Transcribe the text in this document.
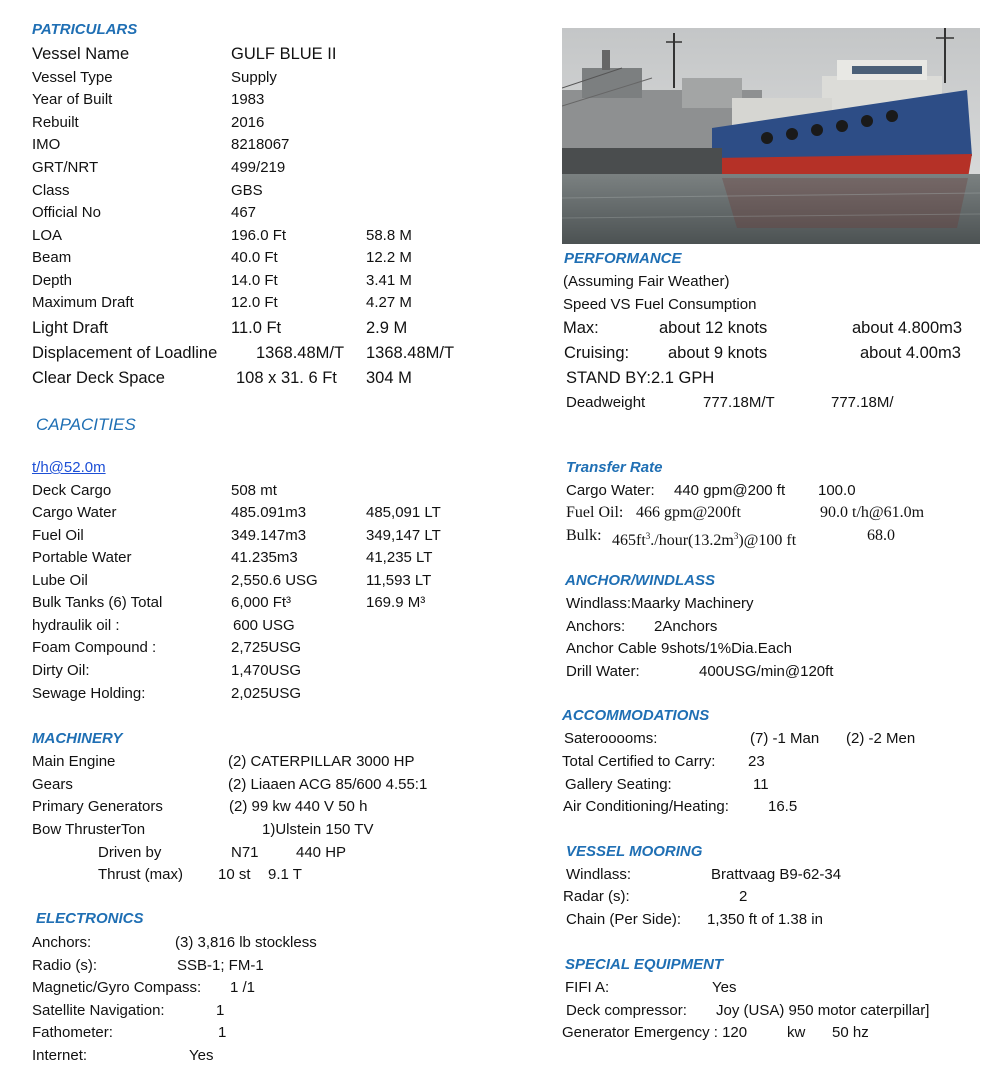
PATRICULARS
Vessel Name	GULF BLUE II
Vessel Type	Supply
Year of Built	1983
Rebuilt	2016
IMO	8218067
GRT/NRT	499/219
Class	GBS
Official No	467
LOA	196.0 Ft	58.8 M
Beam	40.0 Ft	12.2 M
Depth	14.0 Ft	3.41 M
Maximum Draft	12.0 Ft	4.27 M
Light Draft	11.0 Ft	2.9 M
Displacement of Loadline 1368.48M/T 1368.48M/T
Clear Deck Space	108 x 31. 6 Ft 304 M
PERFORMANCE
(Assuming Fair Weather)
Speed VS Fuel Consumption
Max:	about 12 knots	about 4.800m3
Cruising: about 9 knots	about 4.00m3
STAND BY:2.1 GPH
Deadweight	777.18M/T	777.18M/
CAPACITIES
t/h@52.0m
Deck Cargo	508 mt
Cargo Water	485.091m3	485,091 LT
Fuel Oil	349.147m3	349,147 LT
Portable Water	41.235m3	41,235 LT
Lube Oil	2,550.6 USG	11,593 LT
Bulk Tanks (6) Total	6,000 Ft³	169.9 M³
hydraulik oil :	600 USG
Foam Compound :	2,725USG
Dirty Oil:	1,470USG
Sewage Holding:	2,025USG
Transfer Rate
Cargo Water: 440 gpm@200 ft 100.0
Fuel Oil: 466 gpm@200ft	90.0 t/h@61.0m
Bulk: $465ft^3./hour(13.2m^3)@100$ ft	68.0
ANCHOR/WINDLASS
Windlass:Maarky Machinery
Anchors: 2Anchors
Anchor Cable 9shots/1%Dia.Each
Drill Water:	400USG/min@120ft
MACHINERY
Main Engine	(2) CATERPILLAR 3000 HP
Gears	(2) Liaaen ACG 85/600 4.55:1
Primary Generators	(2) 99 kw 440 V 50 h
Bow ThrusterTon	1)Ulstein 150 TV
Driven by	N71 440 HP
Thrust (max) 10 st 9.1 T
ACCOMMODATIONS
Saterooooms:	(7) -1 Man (2) -2 Men
Total Certified to Carry: 23
Gallery Seating:	11
Air Conditioning/Heating:	16.5
VESSEL MOORING
Windlass:	Brattvaag B9-62-34
Radar (s):	2
Chain (Per Side): 1,350 ft of 1.38 in
ELECTRONICS
Anchors:	(3) 3,816 lb stockless
Radio (s):	SSB-1; FM-1
Magnetic/Gyro Compass: 1 /1
Satellite Navigation:	1
Fathometer:	1
Internet:	Yes
SPECIAL EQUIPMENT
FIFI A:	Yes
Deck compressor: Joy (USA) 950 motor caterpillar]
Generator Emergency : 120	kw 50 hz
